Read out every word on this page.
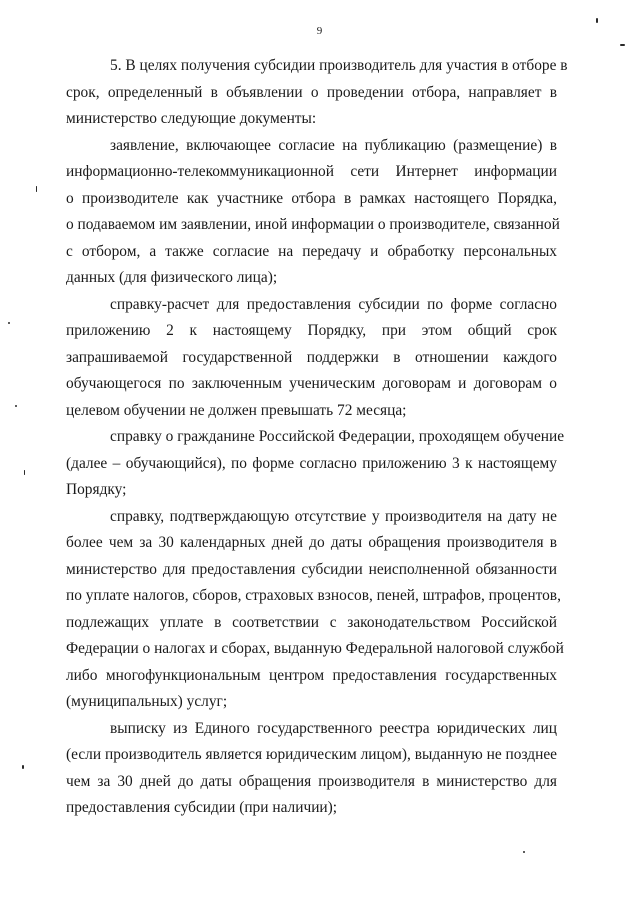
9
5. В целях получения субсидии производитель для участия в отборе в
срок, определенный в объявлении о проведении отбора, направляет в
министерство следующие документы:
заявление, включающее согласие на публикацию (размещение) в
информационно-телекоммуникационной сети Интернет информации
о производителе как участнике отбора в рамках настоящего Порядка,
о подаваемом им заявлении, иной информации о производителе, связанной
с отбором, а также согласие на передачу и обработку персональных
данных (для физического лица);
справку-расчет для предоставления субсидии по форме согласно
приложению 2 к настоящему Порядку, при этом общий срок
запрашиваемой государственной поддержки в отношении каждого
обучающегося по заключенным ученическим договорам и договорам о
целевом обучении не должен превышать 72 месяца;
справку о гражданине Российской Федерации, проходящем обучение
(далее – обучающийся), по форме согласно приложению 3 к настоящему
Порядку;
справку, подтверждающую отсутствие у производителя на дату не
более чем за 30 календарных дней до даты обращения производителя в
министерство для предоставления субсидии неисполненной обязанности
по уплате налогов, сборов, страховых взносов, пеней, штрафов, процентов,
подлежащих уплате в соответствии с законодательством Российской
Федерации о налогах и сборах, выданную Федеральной налоговой службой
либо многофункциональным центром предоставления государственных
(муниципальных) услуг;
выписку из Единого государственного реестра юридических лиц
(если производитель является юридическим лицом), выданную не позднее
чем за 30 дней до даты обращения производителя в министерство для
предоставления субсидии (при наличии);
